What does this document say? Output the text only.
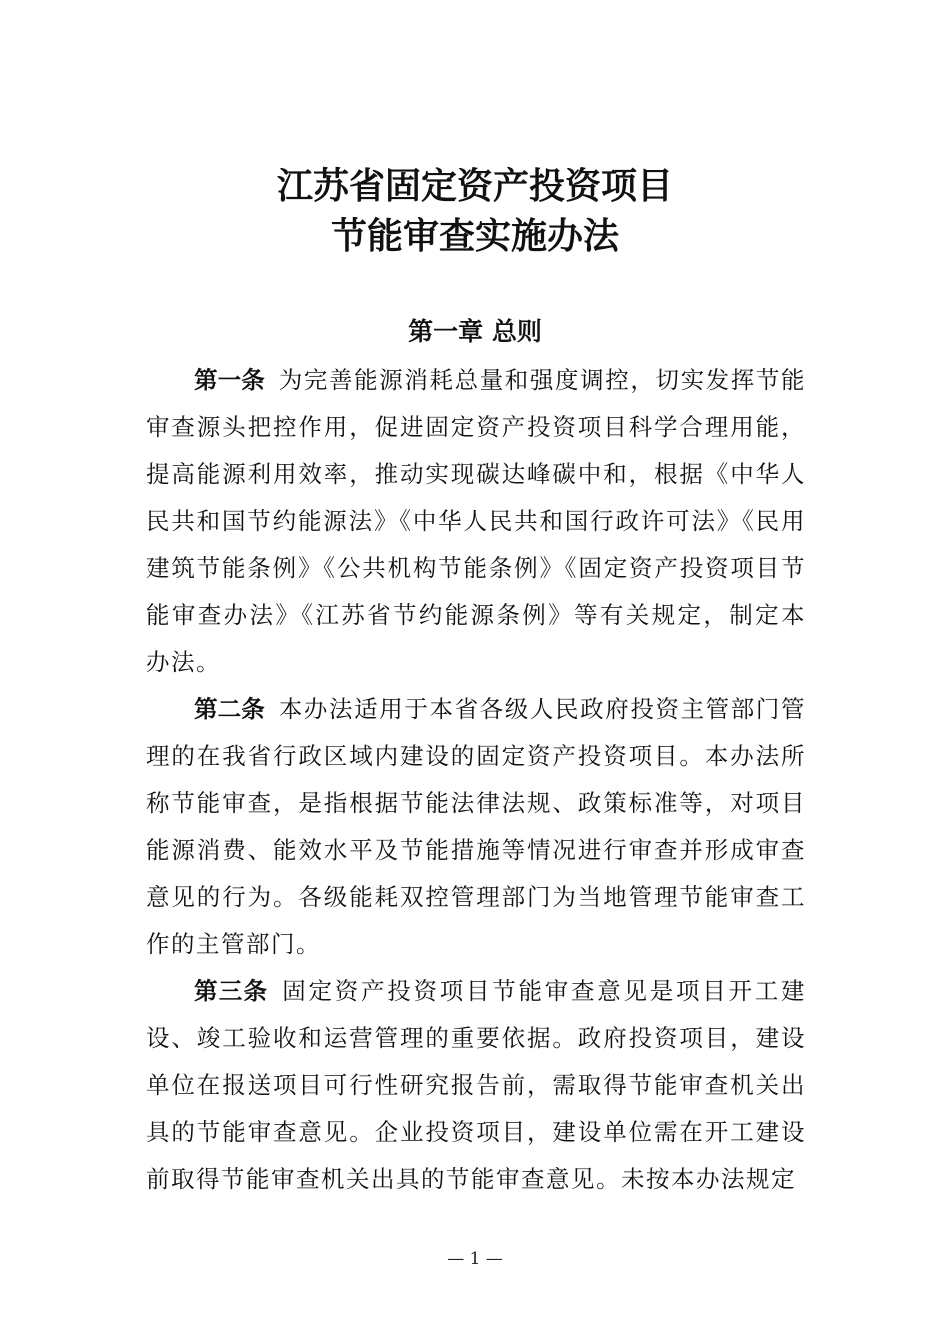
江苏省固定资产投资项目
节能审查实施办法
第一章 总则

第一条 为完善能源消耗总量和强度调控，切实发挥节能审查源头把控作用，促进固定资产投资项目科学合理用能，提高能源利用效率，推动实现碳达峰碳中和，根据《中华人民共和国节约能源法》《中华人民共和国行政许可法》《民用建筑节能条例》《公共机构节能条例》《固定资产投资项目节能审查办法》《江苏省节约能源条例》等有关规定，制定本办法。

第二条 本办法适用于本省各级人民政府投资主管部门管理的在我省行政区域内建设的固定资产投资项目。本办法所称节能审查，是指根据节能法律法规、政策标准等，对项目能源消费、能效水平及节能措施等情况进行审查并形成审查意见的行为。各级能耗双控管理部门为当地管理节能审查工作的主管部门。

第三条 固定资产投资项目节能审查意见是项目开工建设、竣工验收和运营管理的重要依据。政府投资项目，建设单位在报送项目可行性研究报告前，需取得节能审查机关出具的节能审查意见。企业投资项目，建设单位需在开工建设前取得节能审查机关出具的节能审查意见。未按本办法规定

— 1 —
